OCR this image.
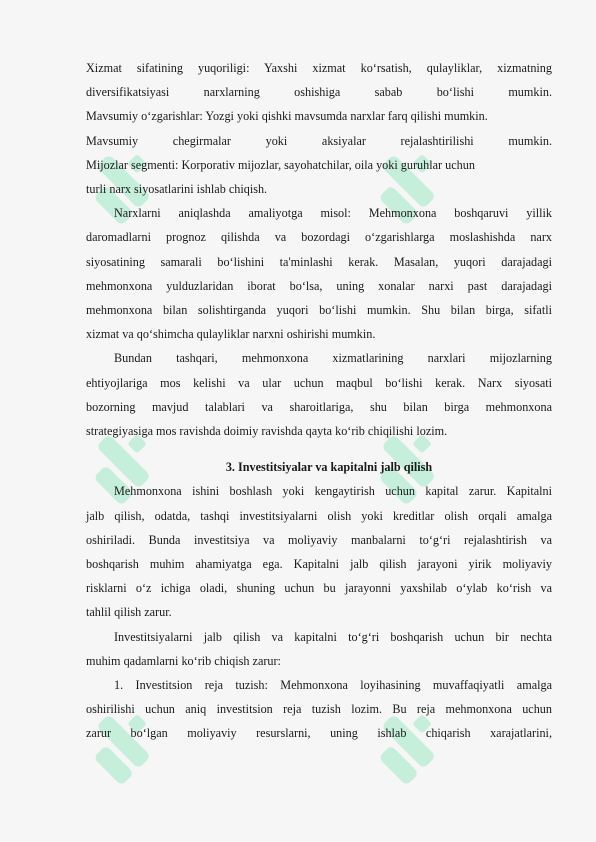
Xizmat sifatining yuqoriligi: Yaxshi xizmat ko‘rsatish, qulayliklar, xizmatning
diversifikatsiyasi narxlarning oshishiga sabab bo‘lishi mumkin.
Mavsumiy o‘zgarishlar: Yozgi yoki qishki mavsumda narxlar farq qilishi mumkin.
Mavsumiy chegirmalar yoki aksiyalar rejalashtirilishi mumkin.
Mijozlar segmenti: Korporativ mijozlar, sayohatchilar, oila yoki guruhlar uchun
turli narx siyosatlarini ishlab chiqish.
Narxlarni aniqlashda amaliyotga misol: Mehmonxona boshqaruvi yillik
daromadlarni prognoz qilishda va bozordagi o‘zgarishlarga moslashishda narx
siyosatining samarali bo‘lishini ta'minlashi kerak. Masalan, yuqori darajadagi
mehmonxona yulduzlaridan iborat bo‘lsa, uning xonalar narxi past darajadagi
mehmonxona bilan solishtirganda yuqori bo‘lishi mumkin. Shu bilan birga, sifatli
xizmat va qo‘shimcha qulayliklar narxni oshirishi mumkin.
Bundan tashqari, mehmonxona xizmatlarining narxlari mijozlarning
ehtiyojlariga mos kelishi va ular uchun maqbul bo‘lishi kerak. Narx siyosati
bozorning mavjud talablari va sharoitlariga, shu bilan birga mehmonxona
strategiyasiga mos ravishda doimiy ravishda qayta ko‘rib chiqilishi lozim.
3. Investitsiyalar va kapitalni jalb qilish
Mehmonxona ishini boshlash yoki kengaytirish uchun kapital zarur. Kapitalni
jalb qilish, odatda, tashqi investitsiyalarni olish yoki kreditlar olish orqali amalga
oshiriladi. Bunda investitsiya va moliyaviy manbalarni to‘g‘ri rejalashtirish va
boshqarish muhim ahamiyatga ega. Kapitalni jalb qilish jarayoni yirik moliyaviy
risklarni o‘z ichiga oladi, shuning uchun bu jarayonni yaxshilab o‘ylab ko‘rish va
tahlil qilish zarur.
Investitsiyalarni jalb qilish va kapitalni to‘g‘ri boshqarish uchun bir nechta
muhim qadamlarni ko‘rib chiqish zarur:
1. Investitsion reja tuzish: Mehmonxona loyihasining muvaffaqiyatli amalga
oshirilishi uchun aniq investitsion reja tuzish lozim. Bu reja mehmonxona uchun
zarur bo‘lgan moliyaviy resurslarni, uning ishlab chiqarish xarajatlarini,
